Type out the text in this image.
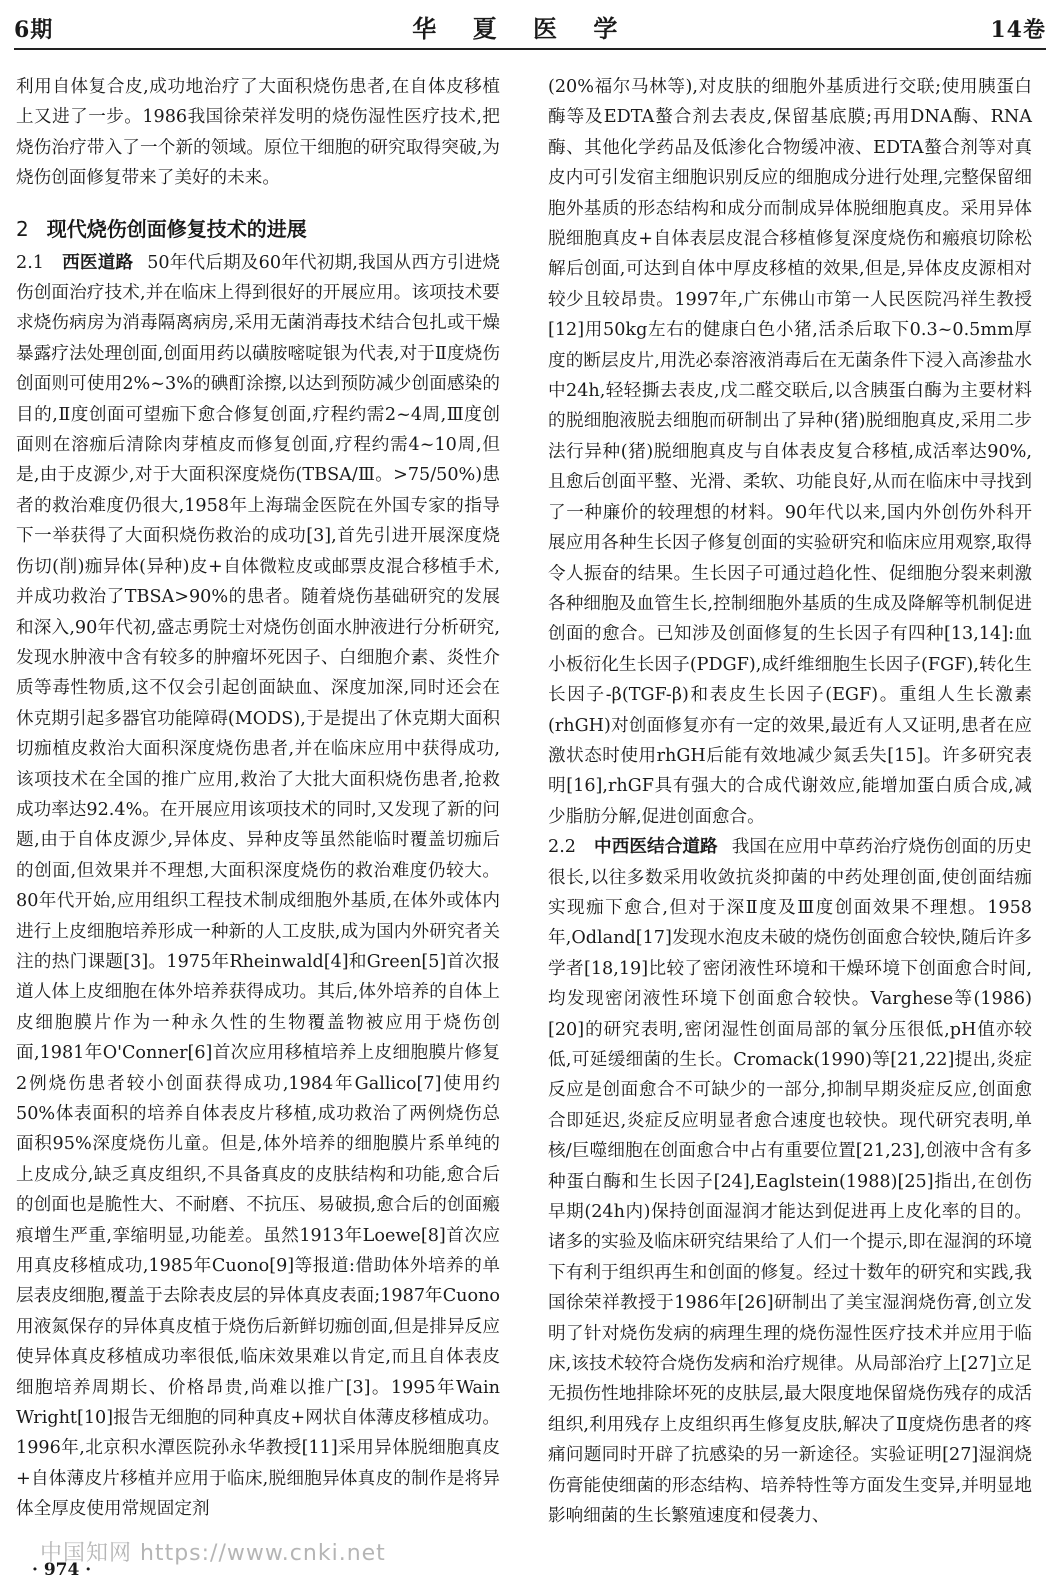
6期	华 夏 医 学	14卷

利用自体复合皮,成功地治疗了大面积烧伤患者,在自体皮移植上又进了一步。1986我国徐荣祥发明的烧伤湿性医疗技术,把烧伤治疗带入了一个新的领域。原位干细胞的研究取得突破,为烧伤创面修复带来了美好的未来。

2 现代烧伤创面修复技术的进展

2.1 西医道路 50年代后期及60年代初期,我国从西方引进烧伤创面治疗技术,并在临床上得到很好的开展应用。该项技术要求烧伤病房为消毒隔离病房,采用无菌消毒技术结合包扎或干燥暴露疗法处理创面,创面用药以磺胺嘧啶银为代表,对于Ⅱ度烧伤创面则可使用2%~3%的碘酊涂擦,以达到预防减少创面感染的目的,Ⅱ度创面可望痂下愈合修复创面,疗程约需2~4周,Ⅲ度创面则在溶痂后清除肉芽植皮而修复创面,疗程约需4~10周,但是,由于皮源少,对于大面积深度烧伤(TBSA/Ⅲ。>75/50%)患者的救治难度仍很大,1958年上海瑞金医院在外国专家的指导下一举获得了大面积烧伤救治的成功[3],首先引进开展深度烧伤切(削)痂异体(异种)皮+自体微粒皮或邮票皮混合移植手术,并成功救治了TBSA>90%的患者。随着烧伤基础研究的发展和深入,90年代初,盛志勇院士对烧伤创面水肿液进行分析研究,发现水肿液中含有较多的肿瘤坏死因子、白细胞介素、炎性介质等毒性物质,这不仅会引起创面缺血、深度加深,同时还会在休克期引起多器官功能障碍(MODS),于是提出了休克期大面积切痂植皮救治大面积深度烧伤患者,并在临床应用中获得成功,该项技术在全国的推广应用,救治了大批大面积烧伤患者,抢救成功率达92.4%。在开展应用该项技术的同时,又发现了新的问题,由于自体皮源少,异体皮、异种皮等虽然能临时覆盖切痂后的创面,但效果并不理想,大面积深度烧伤的救治难度仍较大。80年代开始,应用组织工程技术制成细胞外基质,在体外或体内进行上皮细胞培养形成一种新的人工皮肤,成为国内外研究者关注的热门课题[3]。1975年Rheinwald[4]和Green[5]首次报道人体上皮细胞在体外培养获得成功。其后,体外培养的自体上皮细胞膜片作为一种永久性的生物覆盖物被应用于烧伤创面,1981年O'Conner[6]首次应用移植培养上皮细胞膜片修复2例烧伤患者较小创面获得成功,1984年Gallico[7]使用约50%体表面积的培养自体表皮片移植,成功救治了两例烧伤总面积95%深度烧伤儿童。但是,体外培养的细胞膜片系单纯的上皮成分,缺乏真皮组织,不具备真皮的皮肤结构和功能,愈合后的创面也是脆性大、不耐磨、不抗压、易破损,愈合后的创面瘢痕增生严重,挛缩明显,功能差。虽然1913年Loewe[8]首次应用真皮移植成功,1985年Cuono[9]等报道:借助体外培养的单层表皮细胞,覆盖于去除表皮层的异体真皮表面;1987年Cuono用液氮保存的异体真皮植于烧伤后新鲜切痂创面,但是排异反应使异体真皮移植成功率很低,临床效果难以肯定,而且自体表皮细胞培养周期长、价格昂贵,尚难以推广[3]。1995年Wain Wright[10]报告无细胞的同种真皮+网状自体薄皮移植成功。1996年,北京积水潭医院孙永华教授[11]采用异体脱细胞真皮+自体薄皮片移植并应用于临床,脱细胞异体真皮的制作是将异体全厚皮使用常规固定剂

(20%福尔马林等),对皮肤的细胞外基质进行交联;使用胰蛋白酶等及EDTA螯合剂去表皮,保留基底膜;再用DNA酶、RNA酶、其他化学药品及低渗化合物缓冲液、EDTA螯合剂等对真皮内可引发宿主细胞识别反应的细胞成分进行处理,完整保留细胞外基质的形态结构和成分而制成异体脱细胞真皮。采用异体脱细胞真皮+自体表层皮混合移植修复深度烧伤和瘢痕切除松解后创面,可达到自体中厚皮移植的效果,但是,异体皮皮源相对较少且较昂贵。1997年,广东佛山市第一人民医院冯祥生教授[12]用50kg左右的健康白色小猪,活杀后取下0.3~0.5mm厚度的断层皮片,用洗必泰溶液消毒后在无菌条件下浸入高渗盐水中24h,轻轻撕去表皮,戊二醛交联后,以含胰蛋白酶为主要材料的脱细胞液脱去细胞而研制出了异种(猪)脱细胞真皮,采用二步法行异种(猪)脱细胞真皮与自体表皮复合移植,成活率达90%,且愈后创面平整、光滑、柔软、功能良好,从而在临床中寻找到了一种廉价的较理想的材料。90年代以来,国内外创伤外科开展应用各种生长因子修复创面的实验研究和临床应用观察,取得令人振奋的结果。生长因子可通过趋化性、促细胞分裂来刺激各种细胞及血管生长,控制细胞外基质的生成及降解等机制促进创面的愈合。已知涉及创面修复的生长因子有四种[13,14]:血小板衍化生长因子(PDGF),成纤维细胞生长因子(FGF),转化生长因子-β(TGF-β)和表皮生长因子(EGF)。重组人生长激素(rhGH)对创面修复亦有一定的效果,最近有人又证明,患者在应激状态时使用rhGH后能有效地减少氮丢失[15]。许多研究表明[16],rhGF具有强大的合成代谢效应,能增加蛋白质合成,减少脂肪分解,促进创面愈合。

2.2 中西医结合道路 我国在应用中草药治疗烧伤创面的历史很长,以往多数采用收敛抗炎抑菌的中药处理创面,使创面结痂实现痂下愈合,但对于深Ⅱ度及Ⅲ度创面效果不理想。1958年,Odland[17]发现水泡皮未破的烧伤创面愈合较快,随后许多学者[18,19]比较了密闭液性环境和干燥环境下创面愈合时间,均发现密闭液性环境下创面愈合较快。Varghese等(1986)[20]的研究表明,密闭湿性创面局部的氧分压很低,pH值亦较低,可延缓细菌的生长。Cromack(1990)等[21,22]提出,炎症反应是创面愈合不可缺少的一部分,抑制早期炎症反应,创面愈合即延迟,炎症反应明显者愈合速度也较快。现代研究表明,单核/巨噬细胞在创面愈合中占有重要位置[21,23],创液中含有多种蛋白酶和生长因子[24],Eaglstein(1988)[25]指出,在创伤早期(24h内)保持创面湿润才能达到促进再上皮化率的目的。诸多的实验及临床研究结果给了人们一个提示,即在湿润的环境下有利于组织再生和创面的修复。经过十数年的研究和实践,我国徐荣祥教授于1986年[26]研制出了美宝湿润烧伤膏,创立发明了针对烧伤发病的病理生理的烧伤湿性医疗技术并应用于临床,该技术较符合烧伤发病和治疗规律。从局部治疗上[27]立足无损伤性地排除坏死的皮肤层,最大限度地保留烧伤残存的成活组织,利用残存上皮组织再生修复皮肤,解决了Ⅱ度烧伤患者的疼痛问题同时开辟了抗感染的另一新途径。实验证明[27]湿润烧伤膏能使细菌的形态结构、培养特性等方面发生变异,并明显地影响细菌的生长繁殖速度和侵袭力、

中国知网 https://www.cnki.net
· 974 ·
